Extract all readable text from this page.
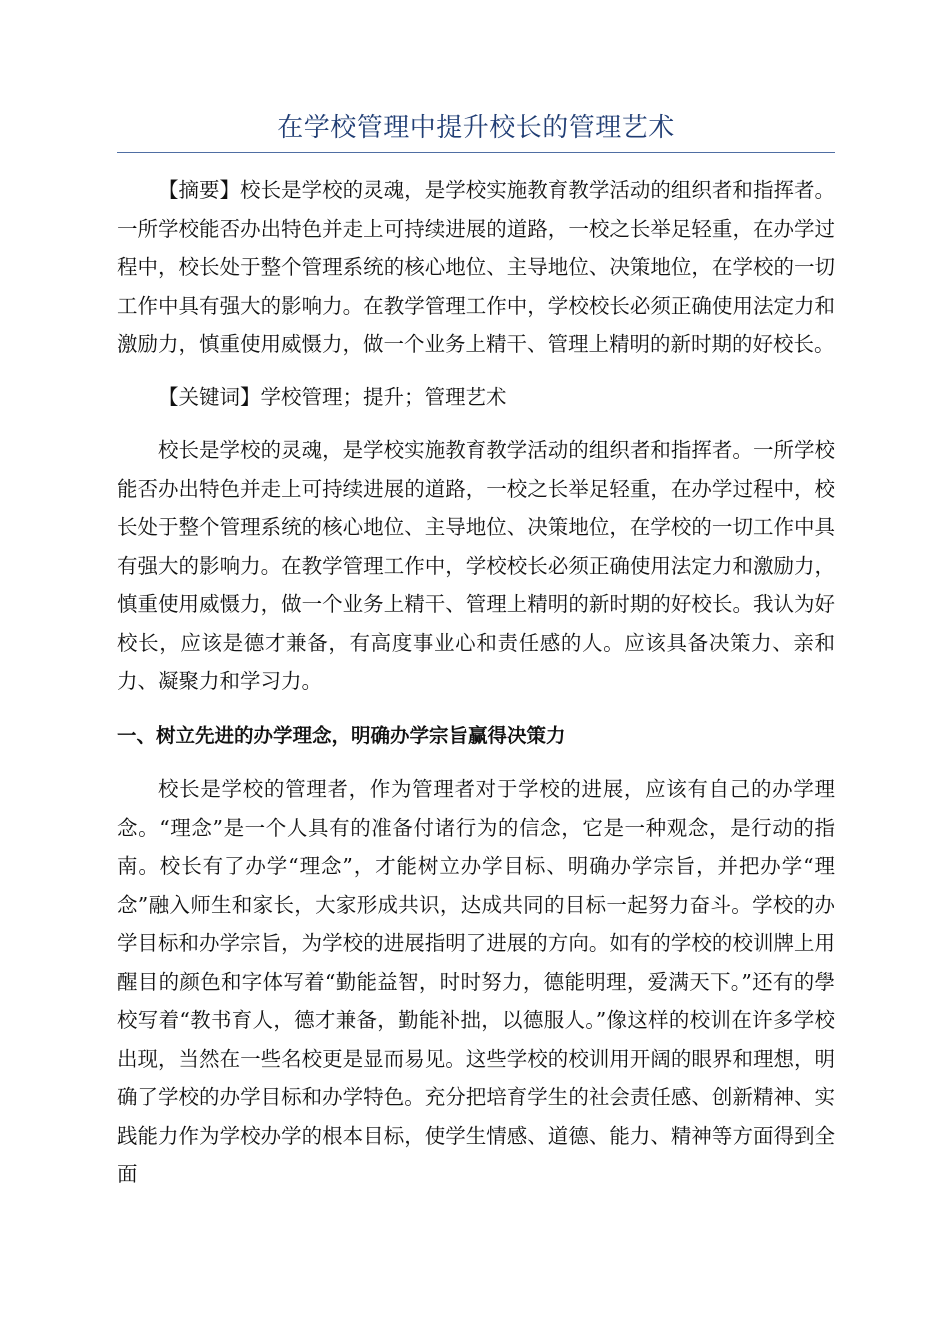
在学校管理中提升校长的管理艺术

【摘要】校长是学校的灵魂，是学校实施教育教学活动的组织者和指挥者。一所学校能否办出特色并走上可持续进展的道路，一校之长举足轻重，在办学过程中，校长处于整个管理系统的核心地位、主导地位、决策地位，在学校的一切工作中具有强大的影响力。在教学管理工作中，学校校长必须正确使用法定力和激励力，慎重使用威慑力，做一个业务上精干、管理上精明的新时期的好校长。

【关键词】学校管理；提升；管理艺术

校长是学校的灵魂，是学校实施教育教学活动的组织者和指挥者。一所学校能否办出特色并走上可持续进展的道路，一校之长举足轻重，在办学过程中，校长处于整个管理系统的核心地位、主导地位、决策地位，在学校的一切工作中具有强大的影响力。在教学管理工作中，学校校长必须正确使用法定力和激励力，慎重使用威慑力，做一个业务上精干、管理上精明的新时期的好校长。我认为好校长，应该是德才兼备，有高度事业心和责任感的人。应该具备决策力、亲和力、凝聚力和学习力。

一、树立先进的办学理念，明确办学宗旨赢得决策力

校长是学校的管理者，作为管理者对于学校的进展，应该有自己的办学理念。“理念”是一个人具有的准备付诸行为的信念，它是一种观念，是行动的指南。校长有了办学“理念”，才能树立办学目标、明确办学宗旨，并把办学“理念”融入师生和家长，大家形成共识，达成共同的目标一起努力奋斗。学校的办学目标和办学宗旨，为学校的进展指明了进展的方向。如有的学校的校训牌上用醒目的颜色和字体写着“勤能益智，时时努力，德能明理，爱满天下。”还有的學校写着“教书育人，德才兼备，勤能补拙，以德服人。”像这样的校训在许多学校出现，当然在一些名校更是显而易见。这些学校的校训用开阔的眼界和理想，明确了学校的办学目标和办学特色。充分把培育学生的社会责任感、创新精神、实践能力作为学校办学的根本目标，使学生情感、道德、能力、精神等方面得到全面
